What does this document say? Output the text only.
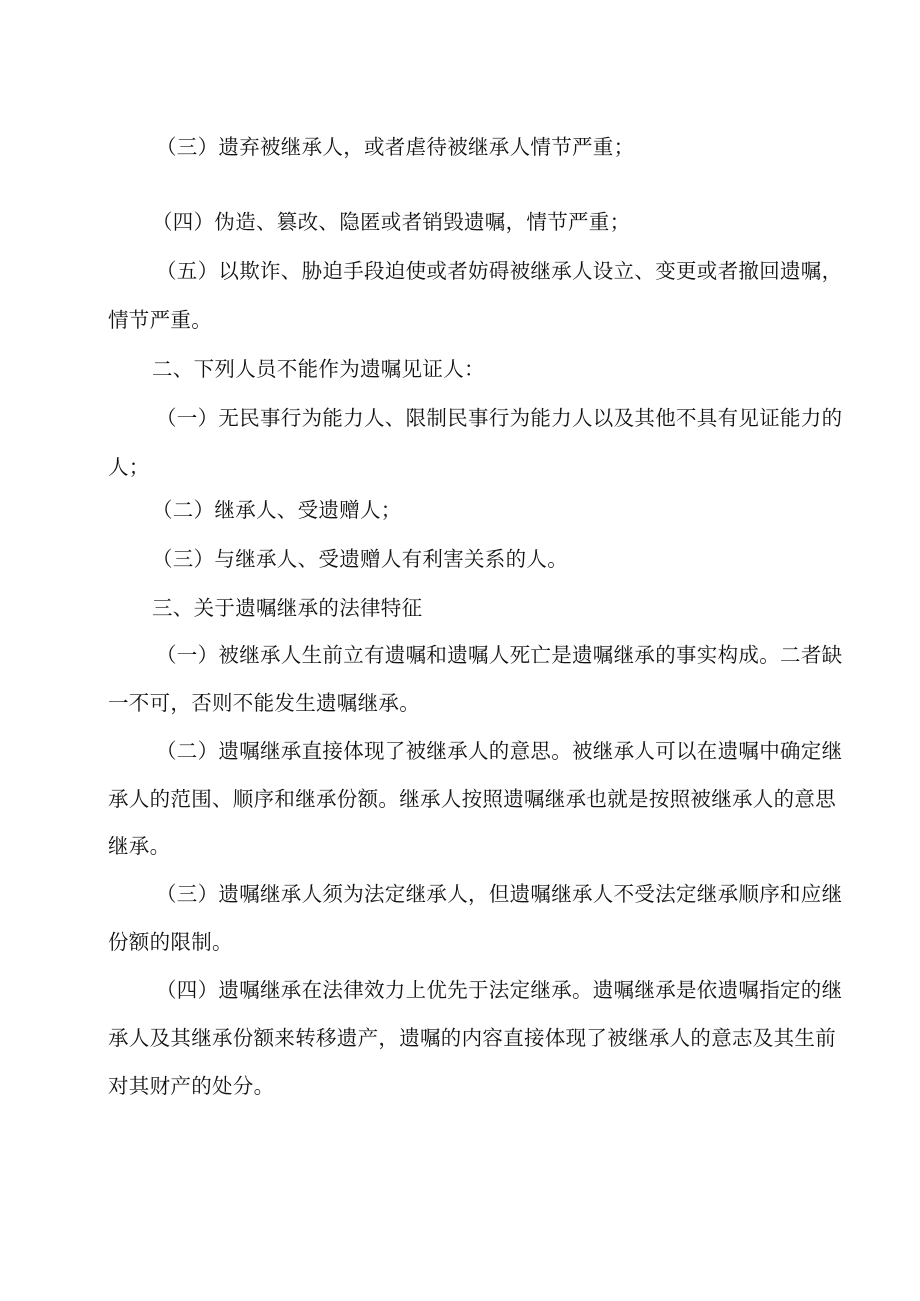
（三）遗弃被继承人，或者虐待被继承人情节严重；
（四）伪造、篡改、隐匿或者销毁遗嘱，情节严重；
（五）以欺诈、胁迫手段迫使或者妨碍被继承人设立、变更或者撤回遗嘱，
情节严重。
二、下列人员不能作为遗嘱见证人：
（一）无民事行为能力人、限制民事行为能力人以及其他不具有见证能力的
人；
（二）继承人、受遗赠人；
（三）与继承人、受遗赠人有利害关系的人。
三、关于遗嘱继承的法律特征
（一）被继承人生前立有遗嘱和遗嘱人死亡是遗嘱继承的事实构成。二者缺
一不可，否则不能发生遗嘱继承。
（二）遗嘱继承直接体现了被继承人的意思。被继承人可以在遗嘱中确定继
承人的范围、顺序和继承份额。继承人按照遗嘱继承也就是按照被继承人的意思
继承。
（三）遗嘱继承人须为法定继承人，但遗嘱继承人不受法定继承顺序和应继
份额的限制。
（四）遗嘱继承在法律效力上优先于法定继承。遗嘱继承是依遗嘱指定的继
承人及其继承份额来转移遗产，遗嘱的内容直接体现了被继承人的意志及其生前
对其财产的处分。
